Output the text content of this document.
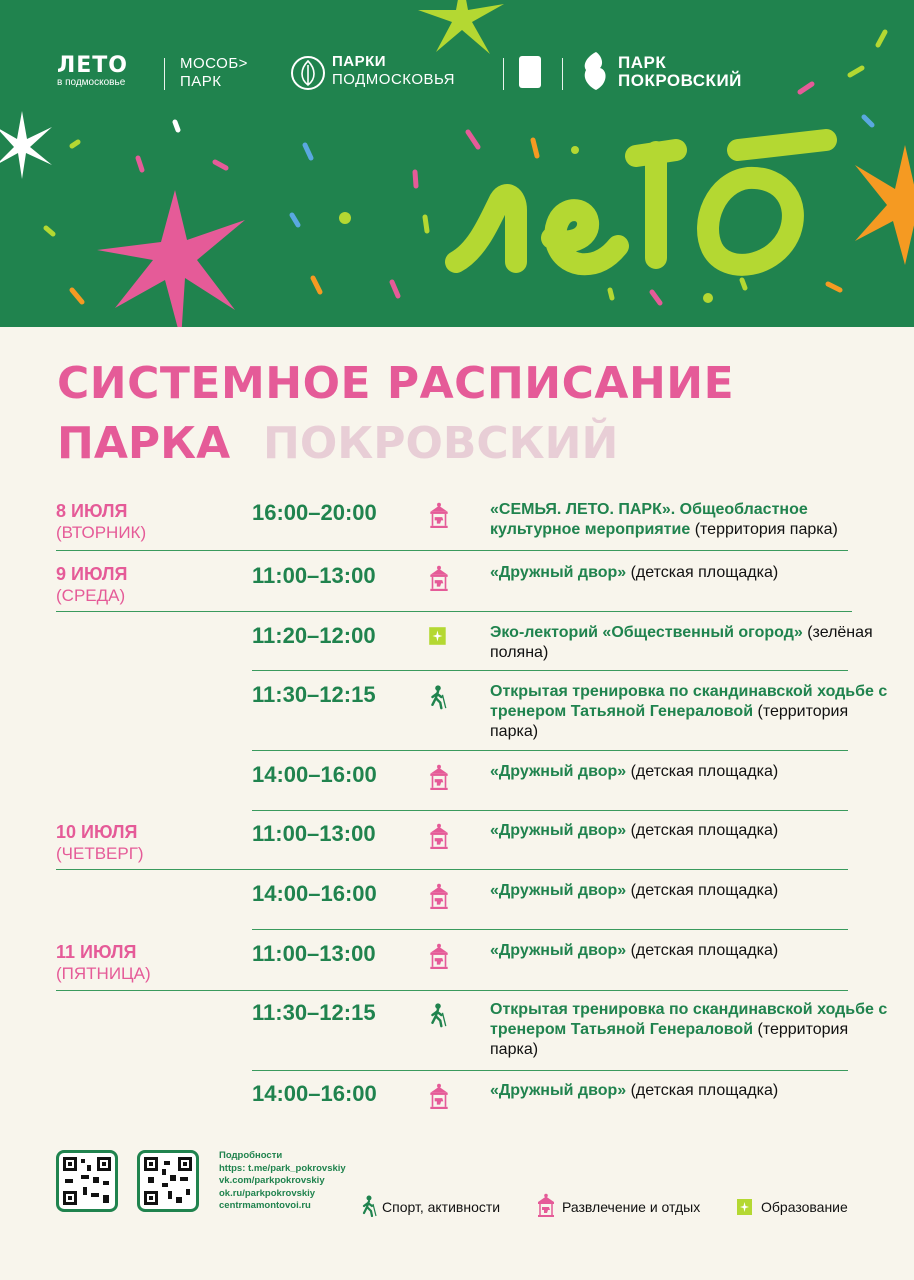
ЛЕТО
в подмосковье
МОСОБ>
ПАРК
ПАРКИ
ПОДМОСКОВЬЯ
ПАРК
ПОКРОВСКИЙ
СИСТЕМНОЕ РАСПИСАНИЕ
ПАРКА ПОКРОВСКИЙ
8 ИЮЛЯ
(ВТОРНИК)
16:00–20:00	«СЕМЬЯ. ЛЕТО. ПАРК». Общеобластное культурное мероприятие (территория парка)
9 ИЮЛЯ
(СРЕДА)
11:00–13:00	«Дружный двор» (детская площадка)
11:20–12:00	Эко-лекторий «Общественный огород» (зелёная поляна)
11:30–12:15	Открытая тренировка по скандинавской ходьбе с тренером Татьяной Генераловой (территория парка)
14:00–16:00	«Дружный двор» (детская площадка)
10 ИЮЛЯ
(ЧЕТВЕРГ)
11:00–13:00	«Дружный двор» (детская площадка)
14:00–16:00	«Дружный двор» (детская площадка)
11 ИЮЛЯ
(ПЯТНИЦА)
11:00–13:00	«Дружный двор» (детская площадка)
11:30–12:15	Открытая тренировка по скандинавской ходьбе с тренером Татьяной Генераловой (территория парка)
14:00–16:00	«Дружный двор» (детская площадка)
Подробности
https: t.me/park_pokrovskiy
vk.com/parkpokrovskiy
ok.ru/parkpokrovskiy
centrmamontovoi.ru	Спорт, активности	Развлечение и отдых	Образование
